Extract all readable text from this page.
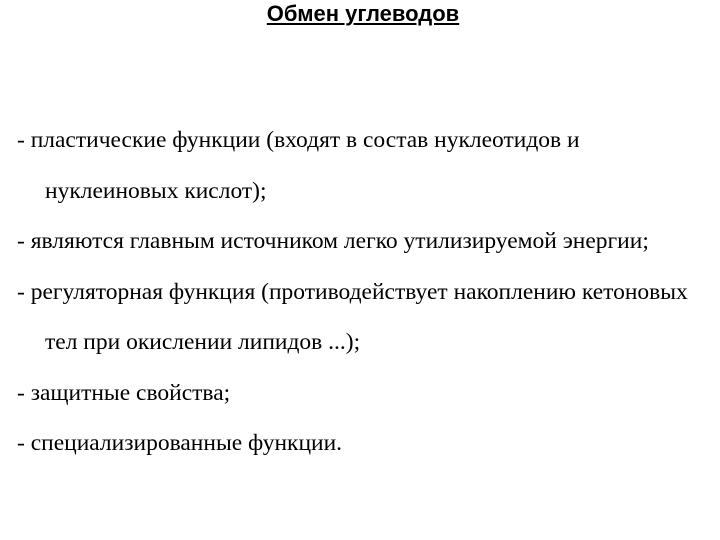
Обмен углеводов
- пластические функции (входят в состав нуклеотидов и нуклеиновых кислот);
- являются главным источником легко утилизируемой энергии;
- регуляторная функция (противодействует накоплению кетоновых тел при окислении липидов ...);
- защитные свойства;
- специализированные функции.
